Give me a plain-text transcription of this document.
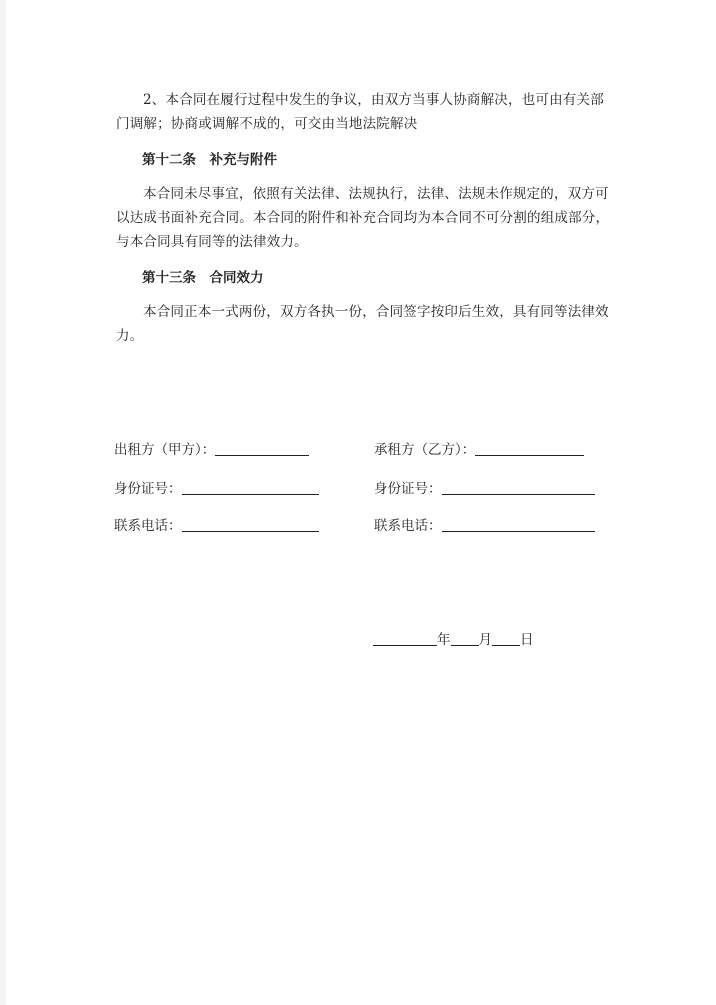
2、本合同在履行过程中发生的争议，由双方当事人协商解决，也可由有关部门调解；协商或调解不成的，可交由当地法院解决
第十二条　补充与附件
本合同未尽事宜，依照有关法律、法规执行，法律、法规未作规定的，双方可以达成书面补充合同。本合同的附件和补充合同均为本合同不可分割的组成部分，与本合同具有同等的法律效力。
第十三条　合同效力
本合同正本一式两份，双方各执一份，合同签字按印后生效，具有同等法律效力。
出租方（甲方）：
身份证号：
联系电话：
承租方（乙方）：
身份证号：
联系电话：
年 月 日
